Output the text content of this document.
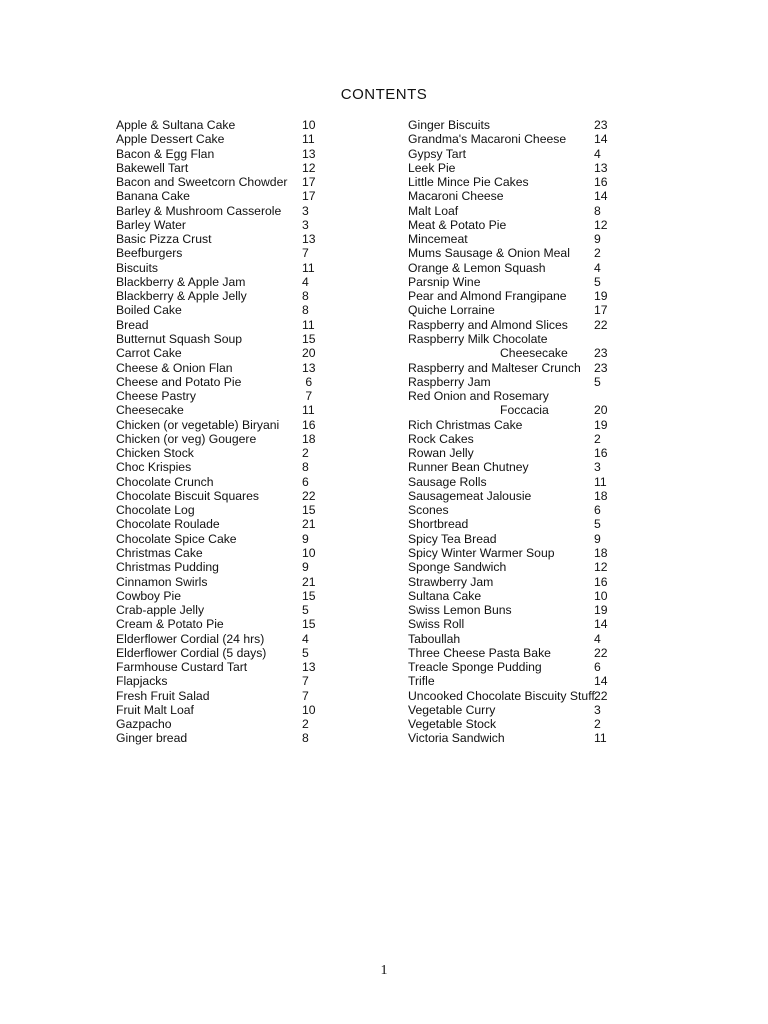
CONTENTS
Apple & Sultana Cake	10
Apple Dessert Cake	11
Bacon & Egg Flan	13
Bakewell Tart	12
Bacon and Sweetcorn Chowder 17
Banana Cake	17
Barley & Mushroom Casserole 3
Barley Water	3
Basic Pizza Crust	13
Beefburgers	7
Biscuits	11
Blackberry & Apple Jam	4
Blackberry & Apple Jelly	8
Boiled Cake	8
Bread	11
Butternut Squash Soup	15
Carrot Cake	20
Cheese & Onion Flan	13
Cheese and Potato Pie	6
Cheese Pastry	7
Cheesecake	11
Chicken (or vegetable) Biryani 16
Chicken (or veg) Gougere	18
Chicken Stock	2
Choc Krispies	8
Chocolate Crunch	6
Chocolate Biscuit Squares	22
Chocolate Log	15
Chocolate Roulade	21
Chocolate Spice Cake	9
Christmas Cake	10
Christmas Pudding	9
Cinnamon Swirls	21
Cowboy Pie	15
Crab-apple Jelly	5
Cream & Potato Pie	15
Elderflower Cordial (24 hrs)	4
Elderflower Cordial (5 days)	5
Farmhouse Custard Tart	13
Flapjacks	7
Fresh Fruit Salad	7
Fruit Malt Loaf	10
Gazpacho	2
Ginger bread	8
Ginger Biscuits	23
Grandma's Macaroni Cheese 14
Gypsy Tart	4
Leek Pie	13
Little Mince Pie Cakes	16
Macaroni Cheese	14
Malt Loaf	8
Meat & Potato Pie	12
Mincemeat	9
Mums Sausage & Onion Meal 2
Orange & Lemon Squash	4
Parsnip Wine	5
Pear and Almond Frangipane 19
Quiche Lorraine	17
Raspberry and Almond Slices 22
Raspberry Milk Chocolate
Cheesecake 23
Raspberry and Malteser Crunch 23
Raspberry Jam	5
Red Onion and Rosemary
Foccacia	20
Rich Christmas Cake	19
Rock Cakes	2
Rowan Jelly	16
Runner Bean Chutney	3
Sausage Rolls	11
Sausagemeat Jalousie	18
Scones	6
Shortbread	5
Spicy Tea Bread	9
Spicy Winter Warmer Soup	18
Sponge Sandwich	12
Strawberry Jam	16
Sultana Cake	10
Swiss Lemon Buns	19
Swiss Roll	14
Taboullah	4
Three Cheese Pasta Bake	22
Treacle Sponge Pudding	6
Trifle	14
Uncooked Chocolate Biscuity Stuff 22
Vegetable Curry	3
Vegetable Stock	2
Victoria Sandwich	11
1
